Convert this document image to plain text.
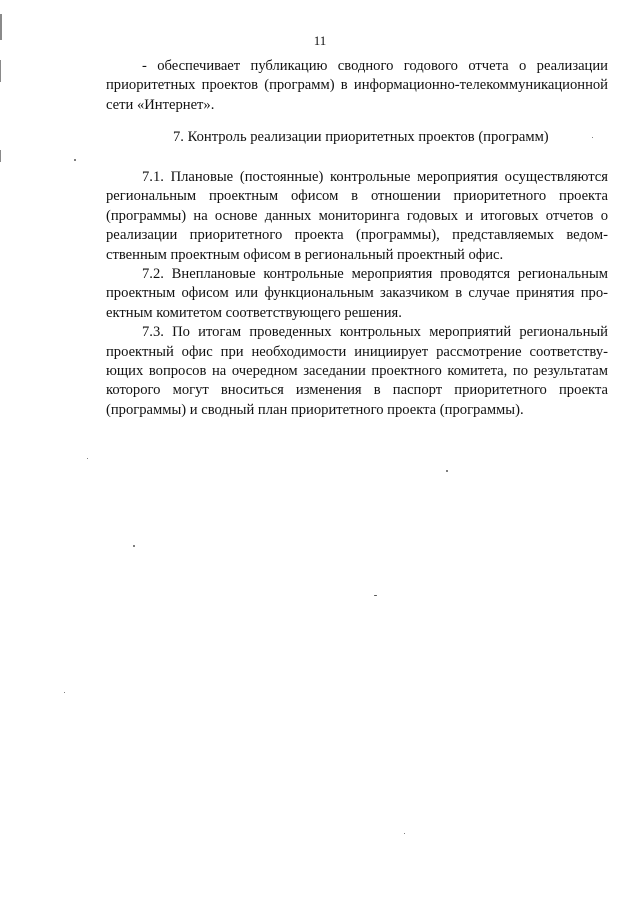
11

- обеспечивает публикацию сводного годового отчета о реализации приоритетных проектов (программ) в информационно-телекоммуникационной сети «Интернет».

7. Контроль реализации приоритетных проектов (программ)

7.1. Плановые (постоянные) контрольные мероприятия осуществляются региональным проектным офисом в отношении приоритетного проекта (программы) на основе данных мониторинга годовых и итоговых отчетов о реализации приоритетного проекта (программы), представляемых ведомственным проектным офисом в региональный проектный офис.

7.2. Внеплановые контрольные мероприятия проводятся региональным проектным офисом или функциональным заказчиком в случае принятия проектным комитетом соответствующего решения.

7.3. По итогам проведенных контрольных мероприятий региональный проектный офис при необходимости инициирует рассмотрение соответствующих вопросов на очередном заседании проектного комитета, по результатам которого могут вноситься изменения в паспорт приоритетного проекта (программы) и сводный план приоритетного проекта (программы).
